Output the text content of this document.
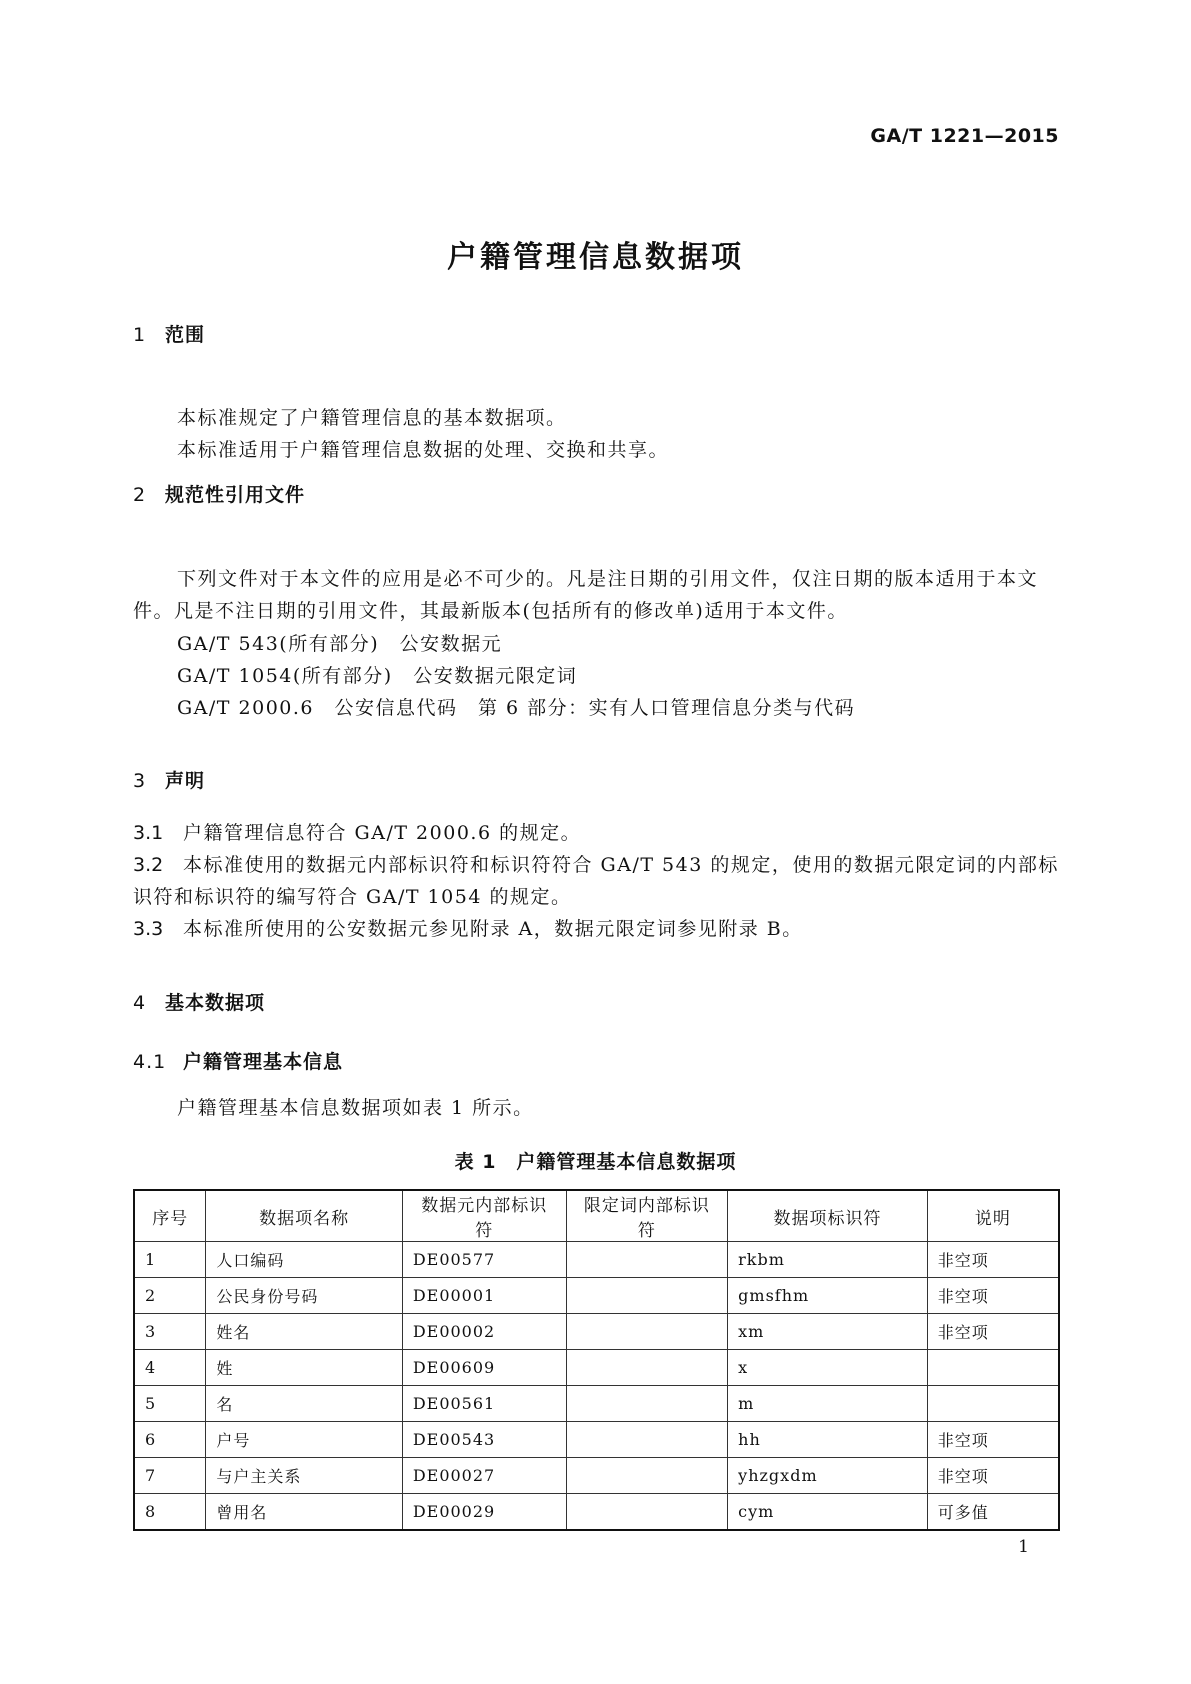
GA/T 1221—2015
户籍管理信息数据项
1 范围
本标准规定了户籍管理信息的基本数据项。
本标准适用于户籍管理信息数据的处理、交换和共享。
2 规范性引用文件
下列文件对于本文件的应用是必不可少的。凡是注日期的引用文件，仅注日期的版本适用于本文件。凡是不注日期的引用文件，其最新版本(包括所有的修改单)适用于本文件。
GA/T 543(所有部分)　公安数据元
GA/T 1054(所有部分)　公安数据元限定词
GA/T 2000.6　公安信息代码　第 6 部分：实有人口管理信息分类与代码
3 声明
3.1 户籍管理信息符合 GA/T 2000.6 的规定。
3.2 本标准使用的数据元内部标识符和标识符符合 GA/T 543 的规定，使用的数据元限定词的内部标识符和标识符的编写符合 GA/T 1054 的规定。
3.3 本标准所使用的公安数据元参见附录 A，数据元限定词参见附录 B。
4 基本数据项
4.1 户籍管理基本信息
户籍管理基本信息数据项如表 1 所示。
表 1　户籍管理基本信息数据项
序号	数据项名称	数据元内部标识符	限定词内部标识符	数据项标识符	说明
1	人口编码	DE00577		rkbm	非空项
2	公民身份号码	DE00001		gmsfhm	非空项
3	姓名	DE00002		xm	非空项
4	姓	DE00609		x	
5	名	DE00561		m	
6	户号	DE00543		hh	非空项
7	与户主关系	DE00027		yhzgxdm	非空项
8	曾用名	DE00029		cym	可多值
1
